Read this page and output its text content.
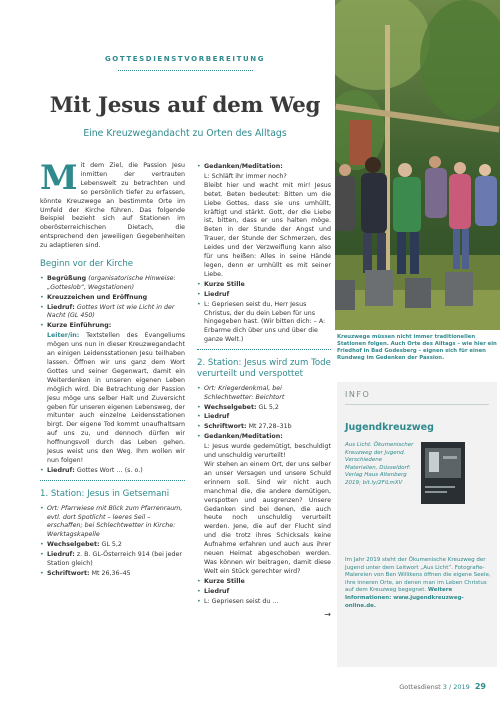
GOTTESDIENSTVORBEREITUNG
Mit Jesus auf dem Weg
Eine Kreuzwegandacht zu Orten des Alltags

Mit dem Ziel, die Passion Jesu inmitten der vertrauten Lebenswelt zu betrachten und so persönlich tiefer zu erfassen, könnte Kreuzwege an bestimmte Orte im Umfeld der Kirche führen. Das folgende Beispiel bezieht sich auf Stationen im oberösterreichischen Dietach, die entsprechend den jeweiligen Gegebenheiten zu adaptieren sind.

Beginn vor der Kirche
• Begrüßung (organisatorische Hinweise: „Gotteslob“, Wegstationen)
• Kreuzzeichen und Eröffnung
• Liedruf: Gottes Wort ist wie Licht in der Nacht (GL 450)
• Kurze Einführung:

Leiter/in: Textstellen des Evangeliums mögen uns nun in dieser Kreuzwegandacht an einigen Leidensstationen Jesu teilhaben lassen. Öffnen wir uns ganz dem Wort Gottes und seiner Gegenwart, damit ein Weiterdenken in unseren eigenen Leben möglich wird. Die Betrachtung der Passion Jesu möge uns selber Halt und Zuversicht geben für unseren eigenen Lebensweg, der mitunter auch einzelne Leidensstationen birgt. Der eigene Tod kommt unaufhaltsam auf uns zu, und dennoch dürfen wir hoffnungsvoll durch das Leben gehen. Jesus weist uns den Weg. Ihm wollen wir nun folgen!

• Liedruf: Gottes Wort … (s. o.)
1. Station: Jesus in Getsemani
• Ort: Pfarrwiese mit Blick zum Pfarrenraum, evtl. dort Spotlicht – leeres Seil – erschaffen; bei Schlechtwetter in Kirche: Werktagskapelle
• Wechselgebet: GL 5,2
• Liedruf: z. B. GL-Österreich 914 (bei jeder Station gleich)
• Schriftwort: Mt 26,36–45
• Gedanken/Meditation:

L: Schläft ihr immer noch?
Bleibt hier und wacht mit mir! Jesus betet. Beten bedeutet: Bitten um die Liebe Gottes, dass sie uns umhüllt, kräftigt und stärkt. Gott, der die Liebe ist, bitten, dass er uns halten möge. Beten in der Stunde der Angst und Trauer, der Stunde der Schmerzen, des Leides und der Verzweiflung kann also für uns heißen: Alles in seine Hände legen, denn er umhüllt es mit seiner Liebe.

• Kurze Stille
• Liedruf
• L: Gepriesen seist du, Herr Jesus Christus, der du dein Leben für uns hingegeben hast. (Wir bitten dich: – A: Erbarme dich über uns und über die ganze Welt.)
2. Station: Jesus wird zum Tode verurteilt und verspottet
• Ort: Kriegerdenkmal, bei Schlechtwetter: Beichtort
• Wechselgebet: GL 5,2
• Liedruf
• Schriftwort: Mt 27,28–31b
• Gedanken/Meditation:

L: Jesus wurde gedemütigt, beschuldigt und unschuldig verurteilt!
Wir stehen an einem Ort, der uns selber an unser Versagen und unsere Schuld erinnern soll. Sind wir nicht auch manchmal die, die andere demütigen, verspotten und ausgrenzen? Unsere Gedanken sind bei denen, die auch heute noch unschuldig verurteilt werden. Jene, die auf der Flucht sind und die trotz ihres Schicksals keine Aufnahme erfahren und auch aus ihrer neuen Heimat abgeschoben werden. Was können wir beitragen, damit diese Welt ein Stück gerechter wird?

• Kurze Stille
• Liedruf
• L: Gepriesen seist du …
→
Kreuzwege müssen nicht immer traditionellen Stationen folgen. Auch Orte des Alltags – wie hier ein Friedhof in Bad Godesberg – eignen sich für einen Rundweg im Gedenken der Passion.
INFO
Jugendkreuzweg
Aus Licht. Ökumenischer Kreuzweg der Jugend. Verschiedene Materialien, Düsseldorf: Verlag Haus Altenberg 2019; bit.ly/2FiLmXV
Im Jahr 2019 steht der Ökumenische Kreuzweg der Jugend unter dem Leitwort „Aus Licht“. Fotografie-Malereien von Ben Willikens öffnen die eigene Seele, ihre inneren Orte, an denen man im Leben Christus auf dem Kreuzweg begegnet. Weitere Informationen: www.jugendkreuzweg-online.de.
Gottesdienst 3 / 2019 29
